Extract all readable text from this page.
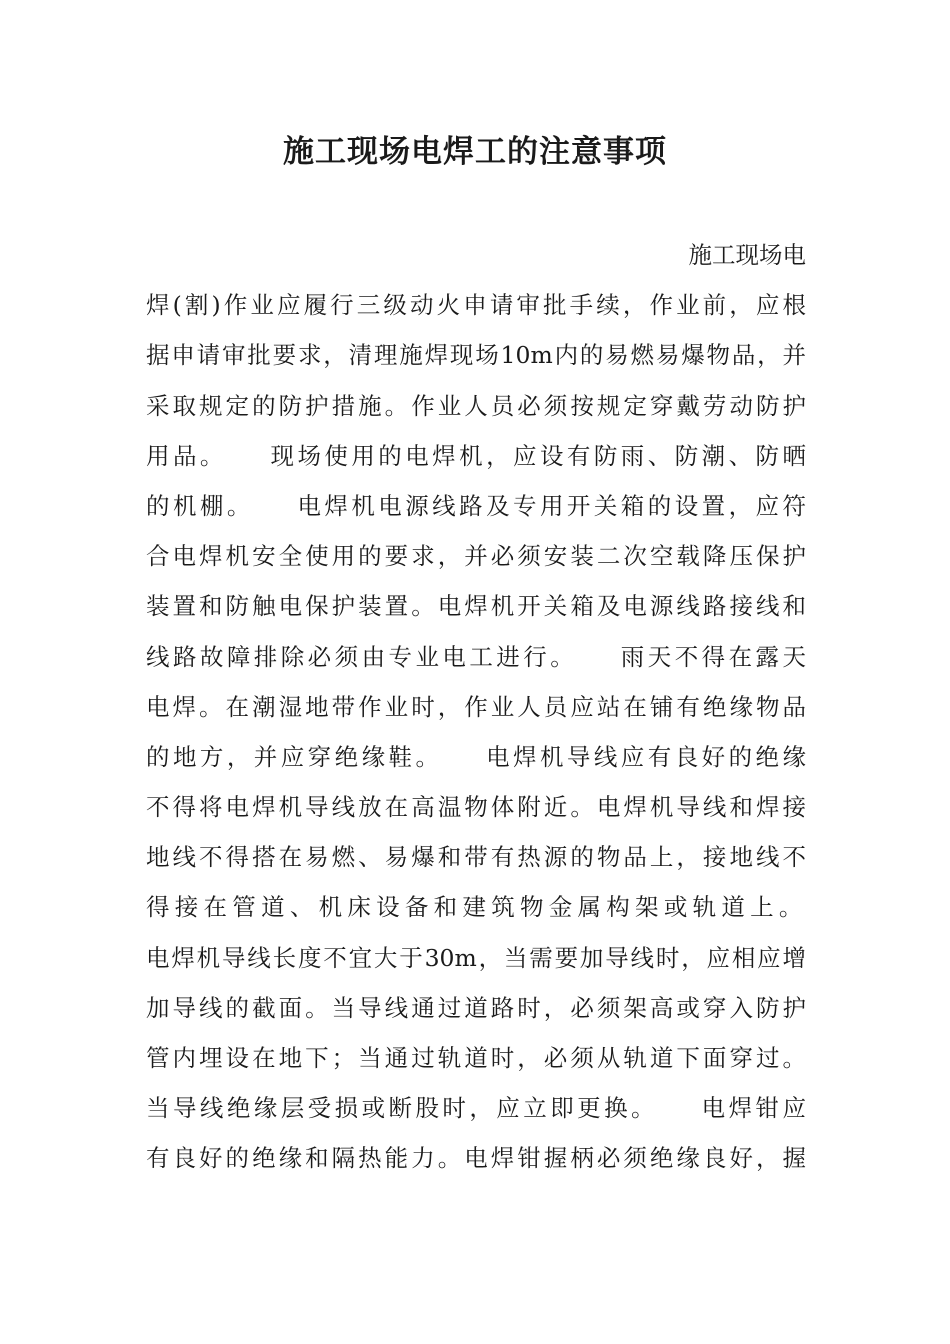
施工现场电焊工的注意事项
施工现场电
焊(割)作业应履行三级动火申请审批手续，作业前，应根
据申请审批要求，清理施焊现场10m内的易燃易爆物品，并
采取规定的防护措施。作业人员必须按规定穿戴劳动防护
用品。    现场使用的电焊机，应设有防雨、防潮、防晒
的机棚。    电焊机电源线路及专用开关箱的设置，应符
合电焊机安全使用的要求，并必须安装二次空载降压保护
装置和防触电保护装置。电焊机开关箱及电源线路接线和
线路故障排除必须由专业电工进行。    雨天不得在露天
电焊。在潮湿地带作业时，作业人员应站在铺有绝缘物品
的地方，并应穿绝缘鞋。    电焊机导线应有良好的绝缘
不得将电焊机导线放在高温物体附近。电焊机导线和焊接
地线不得搭在易燃、易爆和带有热源的物品上，接地线不
得接在管道、机床设备和建筑物金属构架或轨道上。
电焊机导线长度不宜大于30m，当需要加导线时，应相应增
加导线的截面。当导线通过道路时，必须架高或穿入防护
管内埋设在地下；当通过轨道时，必须从轨道下面穿过。
当导线绝缘层受损或断股时，应立即更换。    电焊钳应
有良好的绝缘和隔热能力。电焊钳握柄必须绝缘良好，握
